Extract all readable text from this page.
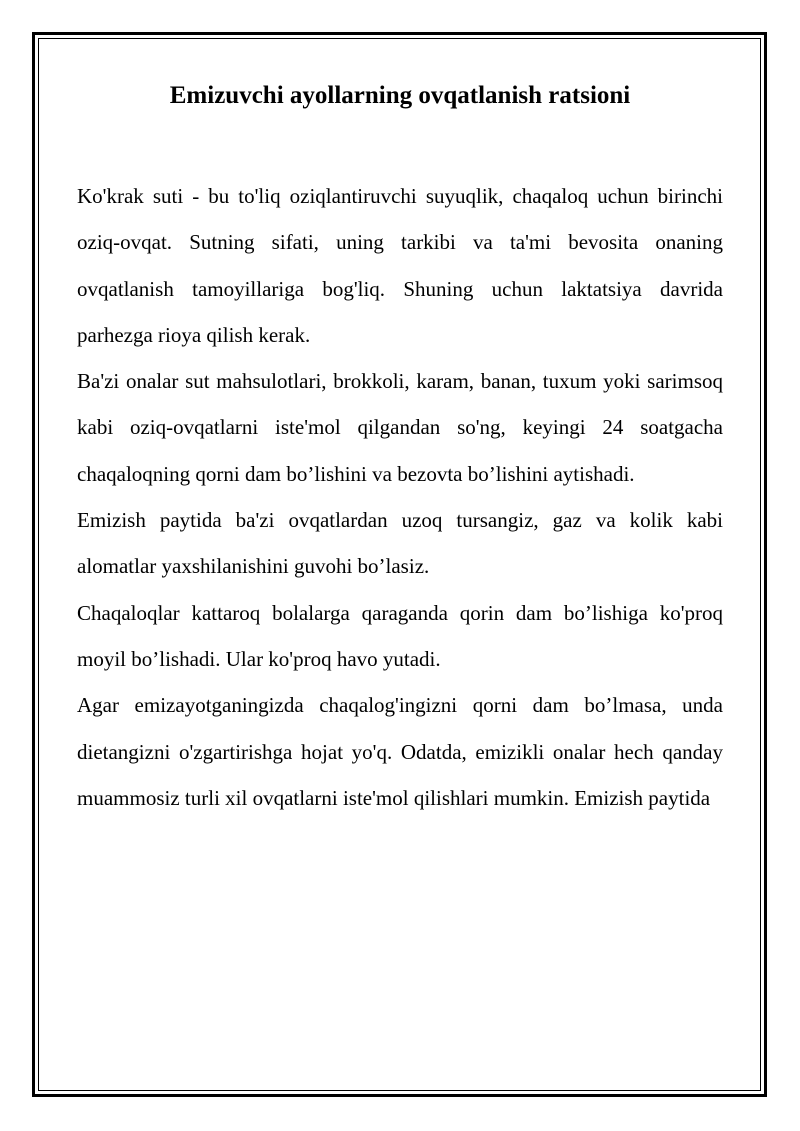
Emizuvchi ayollarning ovqatlanish ratsioni

Ko'krak suti - bu to'liq oziqlantiruvchi suyuqlik, chaqaloq uchun birinchi oziq-ovqat. Sutning sifati, uning tarkibi va ta'mi bevosita onaning ovqatlanish tamoyillariga bog'liq. Shuning uchun laktatsiya davrida parhezga rioya qilish kerak.

Ba'zi onalar sut mahsulotlari, brokkoli, karam, banan, tuxum yoki sarimsoq kabi oziq-ovqatlarni iste'mol qilgandan so'ng, keyingi 24 soatgacha chaqaloqning qorni dam bo’lishini va bezovta bo’lishini aytishadi.

Emizish paytida ba'zi ovqatlardan uzoq tursangiz, gaz va kolik kabi alomatlar yaxshilanishini guvohi bo’lasiz.

Chaqaloqlar kattaroq bolalarga qaraganda qorin dam bo’lishiga ko'proq moyil bo’lishadi. Ular ko'proq havo yutadi.

Agar emizayotganingizda chaqalog'ingizni qorni dam bo’lmasa, unda dietangizni o'zgartirishga hojat yo'q. Odatda, emizikli onalar hech qanday muammosiz turli xil ovqatlarni iste'mol qilishlari mumkin. Emizish paytida
